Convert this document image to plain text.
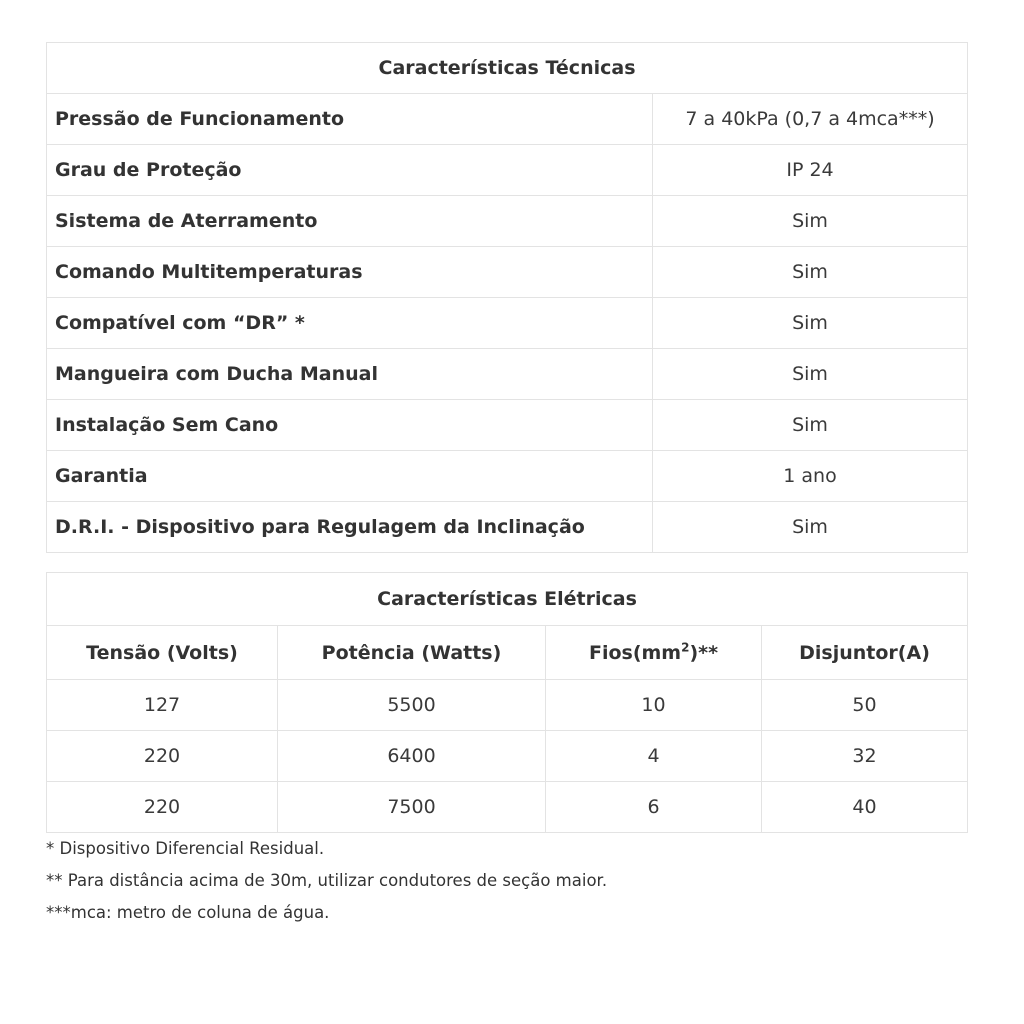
Características Técnicas	
Pressão de Funcionamento	7 a 40kPa (0,7 a 4mca***)
Grau de Proteção	IP 24
Sistema de Aterramento	Sim
Comando Multitemperaturas	Sim
Compatível com “DR” *	Sim
Mangueira com Ducha Manual	Sim
Instalação Sem Cano	Sim
Garantia	1 ano
D.R.I. - Dispositivo para Regulagem da Inclinação	Sim
Características Elétricas			
Tensão (Volts)	Potência (Watts)	$Fios(mm^2)**$	Disjuntor(A)
127	5500	10	50
220	6400	4	32
220	7500	6	40

* Dispositivo Diferencial Residual.

** Para distância acima de 30m, utilizar condutores de seção maior.

***mca: metro de coluna de água.
